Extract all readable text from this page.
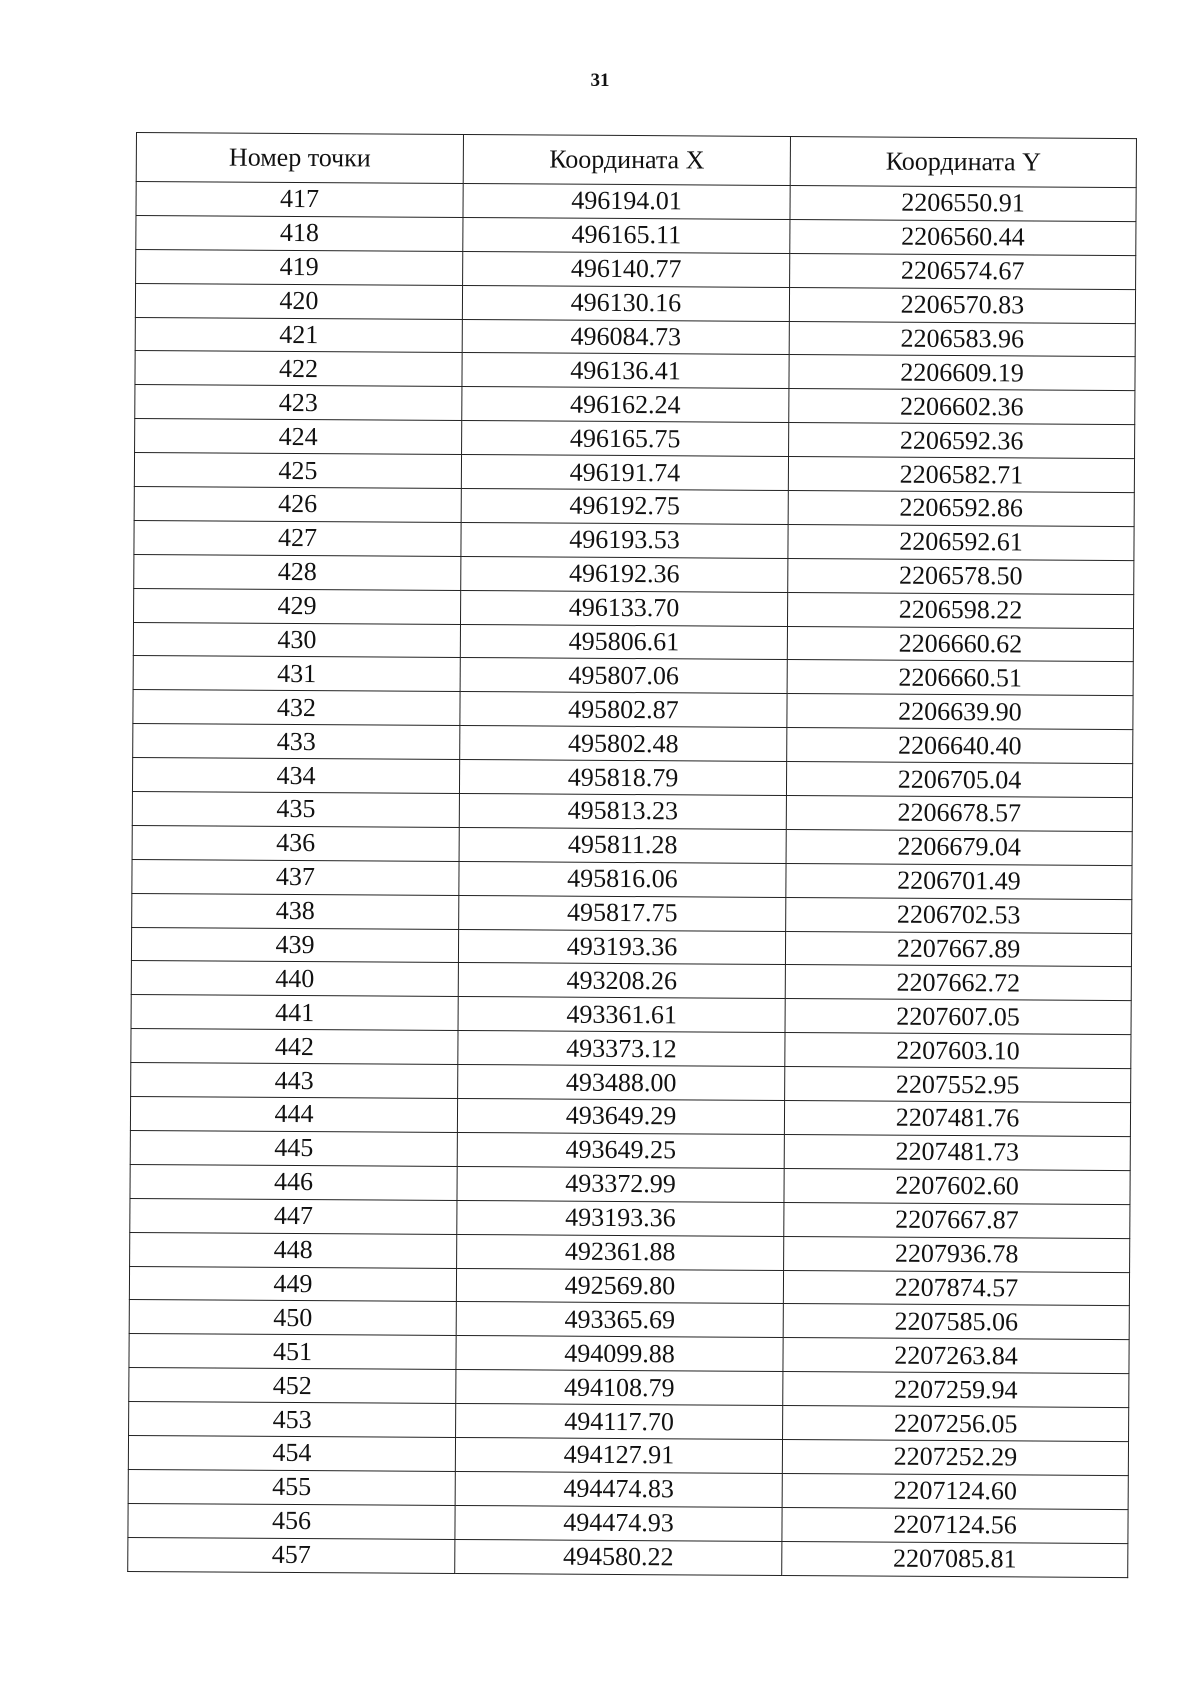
31
Номер точки	Координата X	Координата Y
417	496194.01	2206550.91
418	496165.11	2206560.44
419	496140.77	2206574.67
420	496130.16	2206570.83
421	496084.73	2206583.96
422	496136.41	2206609.19
423	496162.24	2206602.36
424	496165.75	2206592.36
425	496191.74	2206582.71
426	496192.75	2206592.86
427	496193.53	2206592.61
428	496192.36	2206578.50
429	496133.70	2206598.22
430	495806.61	2206660.62
431	495807.06	2206660.51
432	495802.87	2206639.90
433	495802.48	2206640.40
434	495818.79	2206705.04
435	495813.23	2206678.57
436	495811.28	2206679.04
437	495816.06	2206701.49
438	495817.75	2206702.53
439	493193.36	2207667.89
440	493208.26	2207662.72
441	493361.61	2207607.05
442	493373.12	2207603.10
443	493488.00	2207552.95
444	493649.29	2207481.76
445	493649.25	2207481.73
446	493372.99	2207602.60
447	493193.36	2207667.87
448	492361.88	2207936.78
449	492569.80	2207874.57
450	493365.69	2207585.06
451	494099.88	2207263.84
452	494108.79	2207259.94
453	494117.70	2207256.05
454	494127.91	2207252.29
455	494474.83	2207124.60
456	494474.93	2207124.56
457	494580.22	2207085.81
